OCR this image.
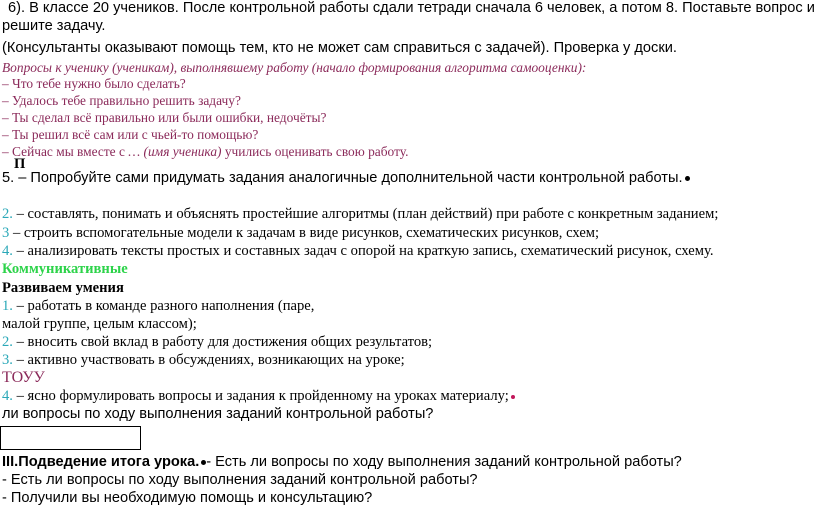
6). В классе 20 учеников. После контрольной работы сдали тетради сначала 6 человек, а потом 8. Поставьте вопрос и
решите задачу.
(Консультанты оказывают помощь тем, кто не может сам справиться с задачей). Проверка у доски.
Вопросы к ученику (ученикам), выполнявшему работу (начало формирования алгоритма самооценки):
– Что тебе нужно было сделать?
– Удалось тебе правильно решить задачу?
– Ты сделал всё правильно или были ошибки, недочёты?
– Ты решил всё сам или с чьей-то помощью?
– Сейчас мы вместе с … (имя ученика) учились оценивать свою работу.
П
5. – Попробуйте сами придумать задания аналогичные дополнительной части контрольной работы.
2. – составлять, понимать и объяснять простейшие алгоритмы (план действий) при работе с конкретным заданием;
3 – строить вспомогательные модели к задачам в виде рисунков, схематических рисунков, схем;
4. – анализировать тексты простых и составных задач с опорой на краткую запись, схематический рисунок, схему.
Коммуникативные
Развиваем умения
1. – работать в команде разного наполнения (паре,
малой группе, целым классом);
2. – вносить свой вклад в работу для достижения общих результатов;
3. – активно участвовать в обсуждениях, возникающих на уроке;
ТОУУ
4. – ясно формулировать вопросы и задания к пройденному на уроках материалу;
ли вопросы по ходу выполнения заданий контрольной работы?
III.Подведение итога урока. - Есть ли вопросы по ходу выполнения заданий контрольной работы?
- Есть ли вопросы по ходу выполнения заданий контрольной работы?
- Получили вы необходимую помощь и консультацию?
